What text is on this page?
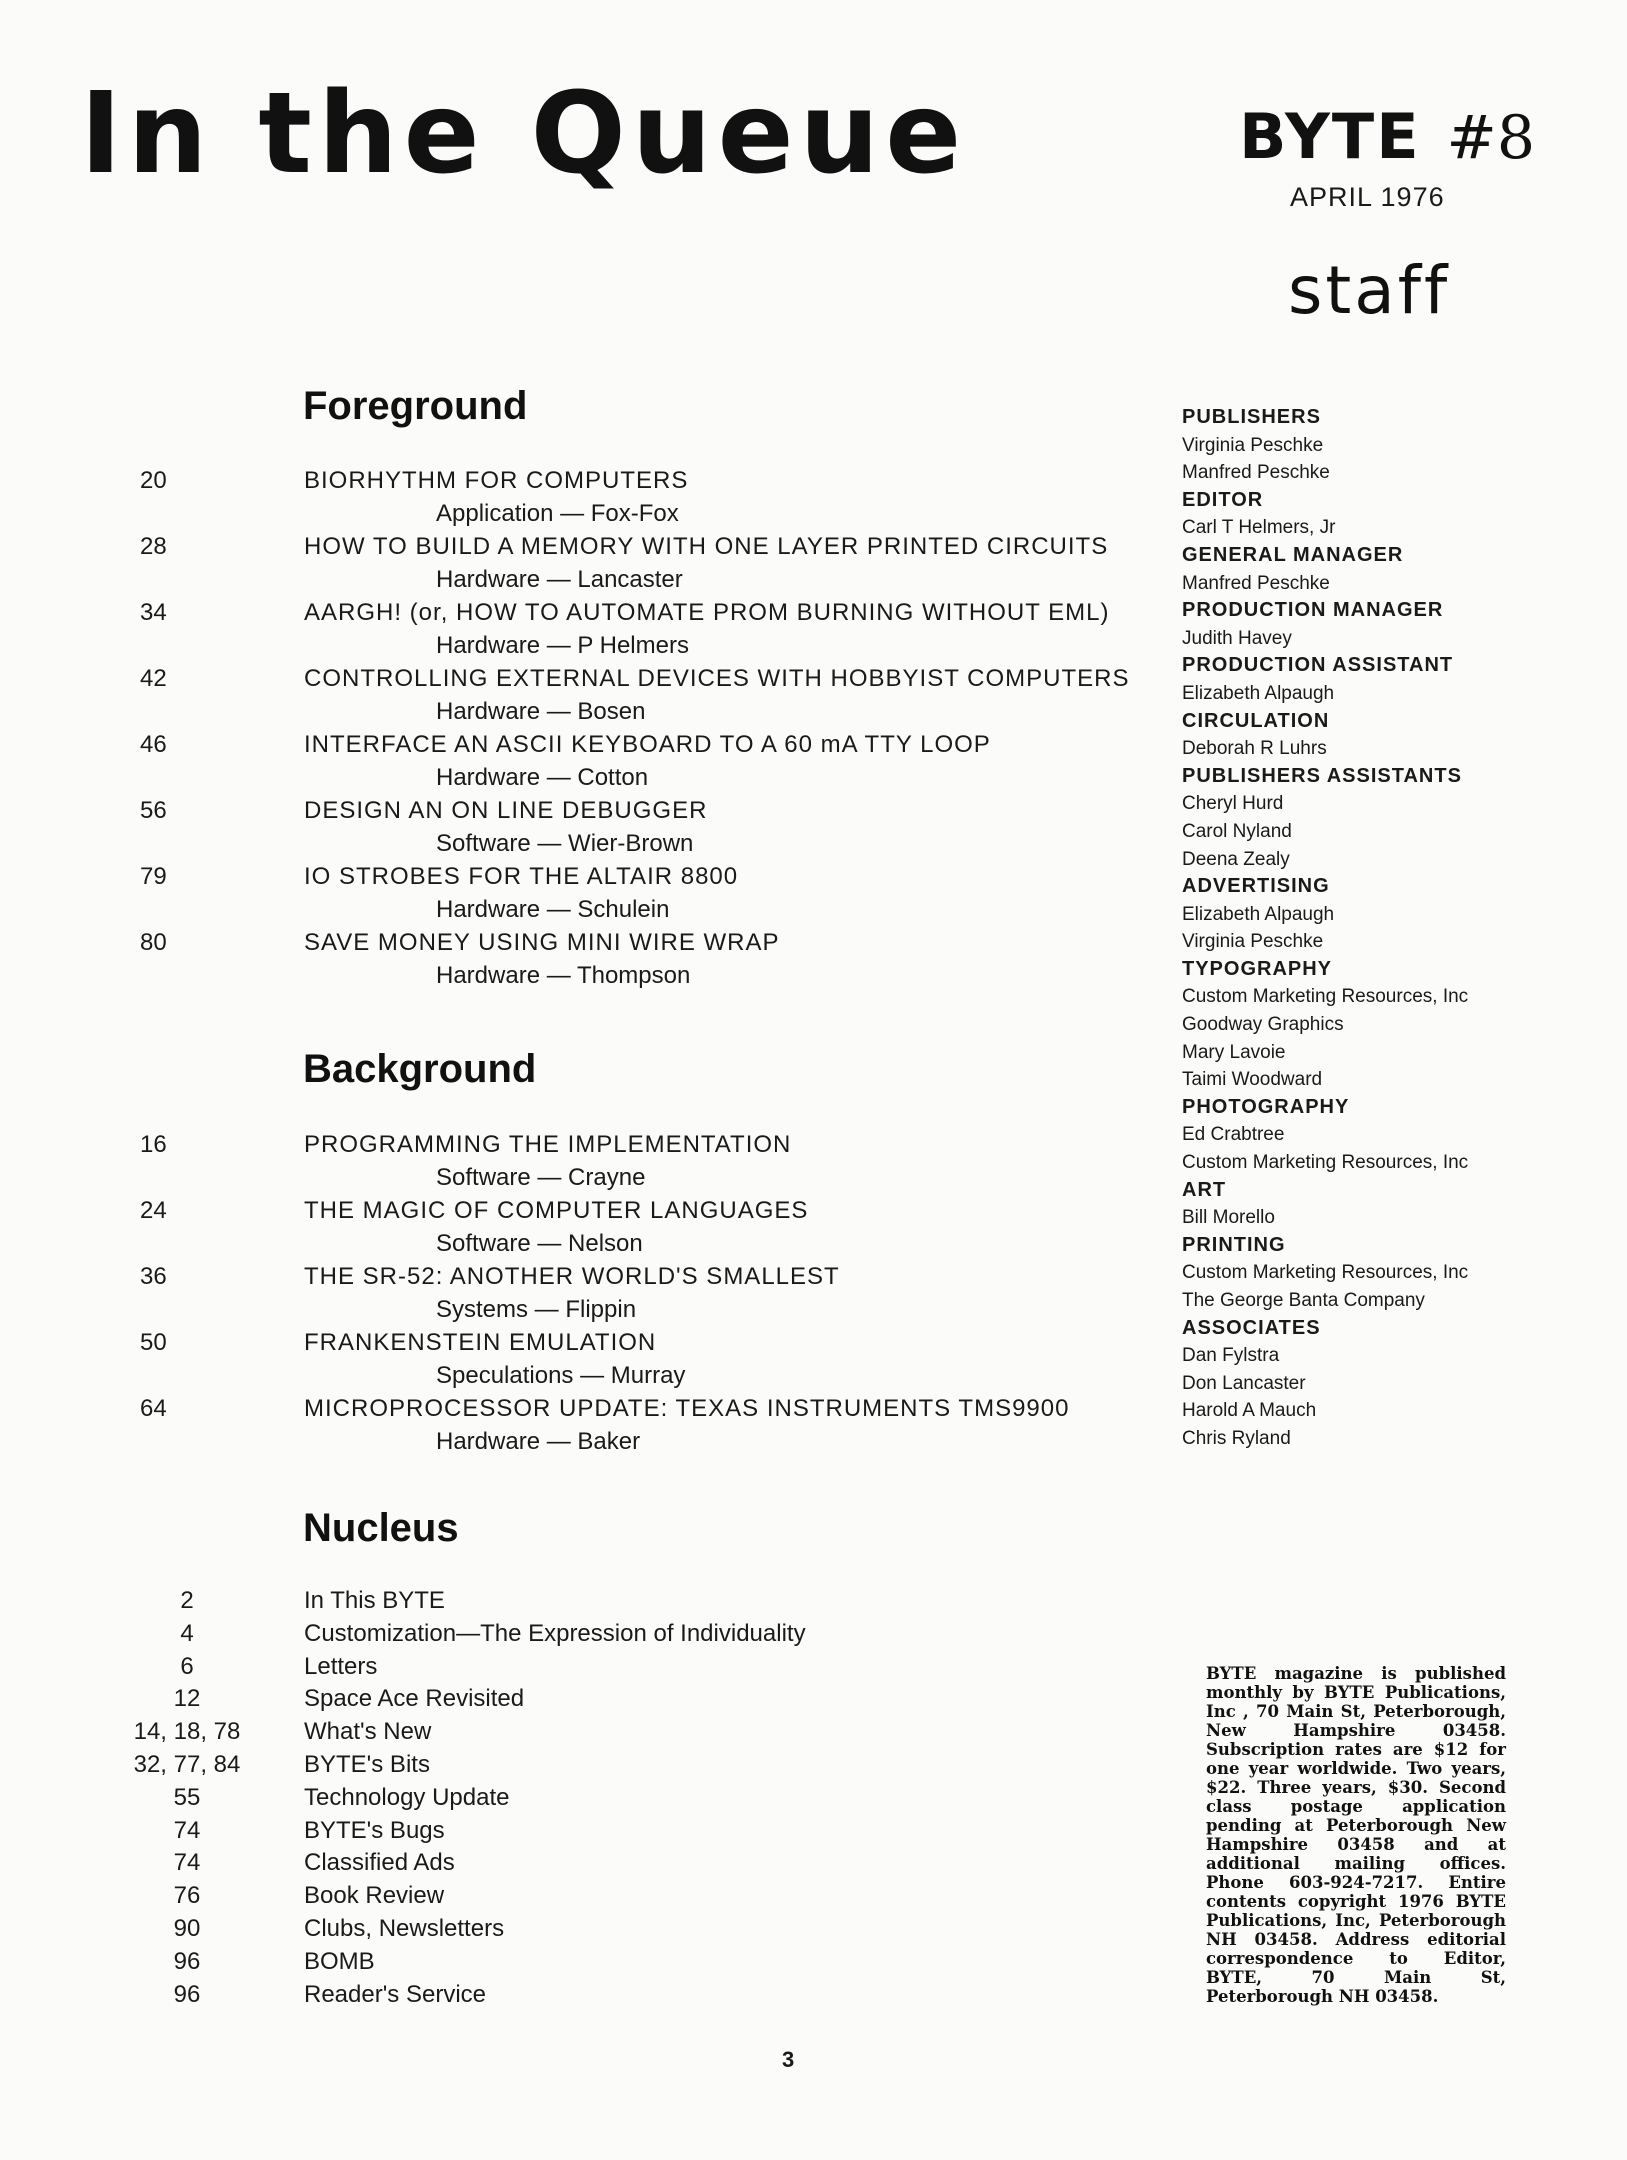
In the Queue	BYTE #8
APRIL 1976
staff
Foreground
20	BIORHYTHM FOR COMPUTERS
Application — Fox-Fox
28	HOW TO BUILD A MEMORY WITH ONE LAYER PRINTED CIRCUITS
Hardware — Lancaster
34	AARGH! (or, HOW TO AUTOMATE PROM BURNING WITHOUT EML)
Hardware — P Helmers
42	CONTROLLING EXTERNAL DEVICES WITH HOBBYIST COMPUTERS
Hardware — Bosen
46	INTERFACE AN ASCII KEYBOARD TO A 60 mA TTY LOOP
Hardware — Cotton
56	DESIGN AN ON LINE DEBUGGER
Software — Wier-Brown
79	IO STROBES FOR THE ALTAIR 8800
Hardware — Schulein
80	SAVE MONEY USING MINI WIRE WRAP
Hardware — Thompson
Background
16	PROGRAMMING THE IMPLEMENTATION
Software — Crayne
24	THE MAGIC OF COMPUTER LANGUAGES
Software — Nelson
36	THE SR-52: ANOTHER WORLD'S SMALLEST
Systems — Flippin
50	FRANKENSTEIN EMULATION
Speculations — Murray
64	MICROPROCESSOR UPDATE: TEXAS INSTRUMENTS TMS9900
Hardware — Baker
Nucleus
2	In This BYTE
4	Customization—The Expression of Individuality
6	Letters
12	Space Ace Revisited
14, 18, 78	What's New
32, 77, 84	BYTE's Bits
55	Technology Update
74	BYTE's Bugs
74	Classified Ads
76	Book Review
90	Clubs, Newsletters
96	BOMB
96	Reader's Service
PUBLISHERS
Virginia Peschke
Manfred Peschke
EDITOR
Carl T Helmers, Jr
GENERAL MANAGER
Manfred Peschke
PRODUCTION MANAGER
Judith Havey
PRODUCTION ASSISTANT
Elizabeth Alpaugh
CIRCULATION
Deborah R Luhrs
PUBLISHERS ASSISTANTS
Cheryl Hurd
Carol Nyland
Deena Zealy
ADVERTISING
Elizabeth Alpaugh
Virginia Peschke
TYPOGRAPHY
Custom Marketing Resources, Inc
Goodway Graphics
Mary Lavoie
Taimi Woodward
PHOTOGRAPHY
Ed Crabtree
Custom Marketing Resources, Inc
ART
Bill Morello
PRINTING
Custom Marketing Resources, Inc
The George Banta Company
ASSOCIATES
Dan Fylstra
Don Lancaster
Harold A Mauch
Chris Ryland
BYTE magazine is published monthly by BYTE Publications, Inc , 70 Main St, Peterborough, New Hampshire 03458. Subscription rates are $12 for one year worldwide. Two years, $22. Three years, $30. Second class postage application pending at Peterborough New Hampshire 03458 and at additional mailing offices. Phone 603-924-7217. Entire contents copyright 1976 BYTE Publications, Inc, Peterborough NH 03458. Address editorial correspondence to Editor, BYTE, 70 Main St, Peterborough NH 03458.
3
